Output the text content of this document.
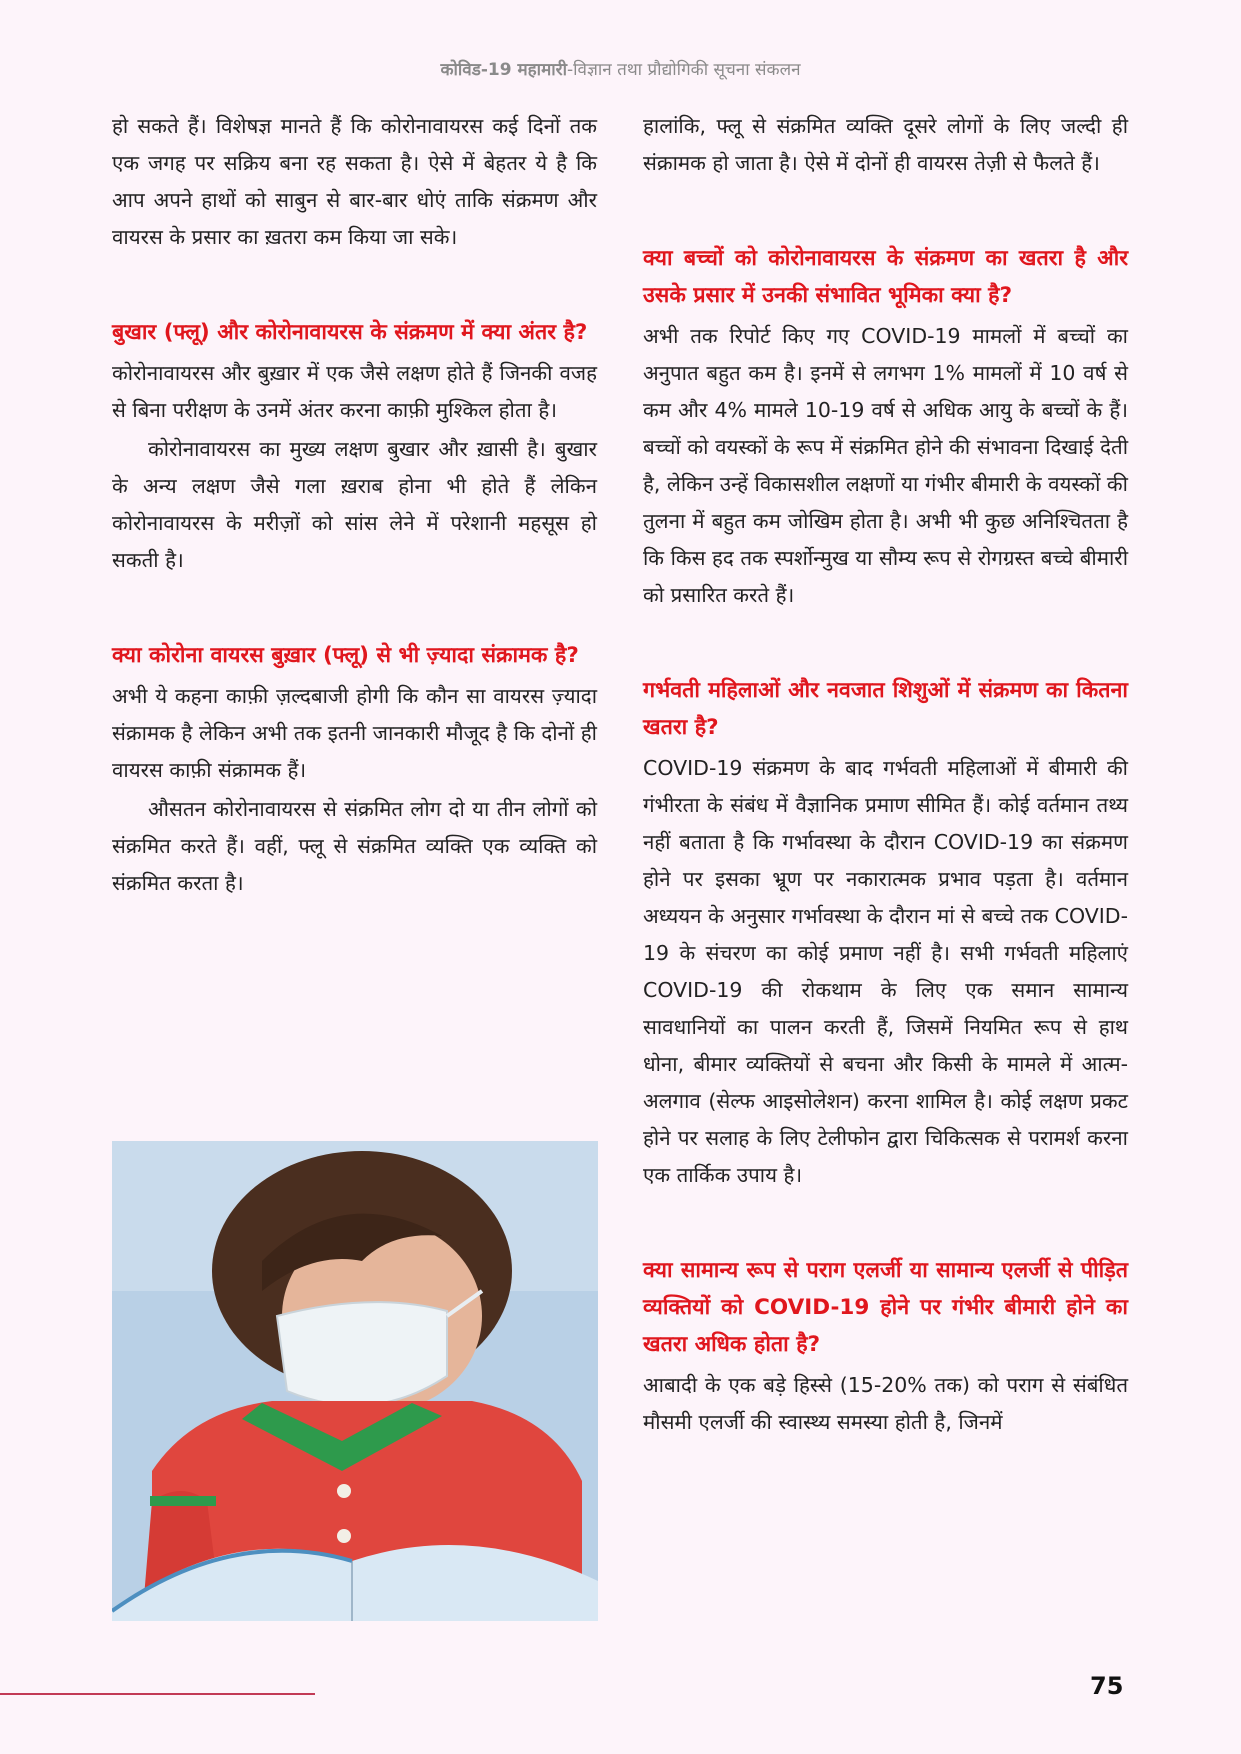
कोविड-19 महामारी-विज्ञान तथा प्रौद्योगिकी सूचना संकलन

हो सकते हैं। विशेषज्ञ मानते हैं कि कोरोनावायरस कई दिनों तक एक जगह पर सक्रिय बना रह सकता है। ऐसे में बेहतर ये है कि आप अपने हाथों को साबुन से बार-बार धोएं ताकि संक्रमण और वायरस के प्रसार का ख़तरा कम किया जा सके।

बुखार (फ्लू) और कोरोनावायरस के संक्रमण में क्या अंतर है?

कोरोनावायरस और बुख़ार में एक जैसे लक्षण होते हैं जिनकी वजह से बिना परीक्षण के उनमें अंतर करना काफ़ी मुश्किल होता है।

कोरोनावायरस का मुख्य लक्षण बुखार और ख़ासी है। बुखार के अन्य लक्षण जैसे गला ख़राब होना भी होते हैं लेकिन कोरोनावायरस के मरीज़ों को सांस लेने में परेशानी महसूस हो सकती है।

क्या कोरोना वायरस बुख़ार (फ्लू) से भी ज़्यादा संक्रामक है?

अभी ये कहना काफ़ी ज़ल्दबाजी होगी कि कौन सा वायरस ज़्यादा संक्रामक है लेकिन अभी तक इतनी जानकारी मौजूद है कि दोनों ही वायरस काफ़ी संक्रामक हैं।

औसतन कोरोनावायरस से संक्रमित लोग दो या तीन लोगों को संक्रमित करते हैं। वहीं, फ्लू से संक्रमित व्यक्ति एक व्यक्ति को संक्रमित करता है।

हालांकि, फ्लू से संक्रमित व्यक्ति दूसरे लोगों के लिए जल्दी ही संक्रामक हो जाता है। ऐसे में दोनों ही वायरस तेज़ी से फैलते हैं।

क्या बच्चों को कोरोनावायरस के संक्रमण का खतरा है और उसके प्रसार में उनकी संभावित भूमिका क्या है?

अभी तक रिपोर्ट किए गए COVID-19 मामलों में बच्चों का अनुपात बहुत कम है। इनमें से लगभग 1% मामलों में 10 वर्ष से कम और 4% मामले 10-19 वर्ष से अधिक आयु के बच्चों के हैं। बच्चों को वयस्कों के रूप में संक्रमित होने की संभावना दिखाई देती है, लेकिन उन्हें विकासशील लक्षणों या गंभीर बीमारी के वयस्कों की तुलना में बहुत कम जोखिम होता है। अभी भी कुछ अनिश्चितता है कि किस हद तक स्पर्शोन्मुख या सौम्य रूप से रोगग्रस्त बच्चे बीमारी को प्रसारित करते हैं।

गर्भवती महिलाओं और नवजात शिशुओं में संक्रमण का कितना खतरा है?

COVID-19 संक्रमण के बाद गर्भवती महिलाओं में बीमारी की गंभीरता के संबंध में वैज्ञानिक प्रमाण सीमित हैं। कोई वर्तमान तथ्य नहीं बताता है कि गर्भावस्था के दौरान COVID-19 का संक्रमण होने पर इसका भ्रूण पर नकारात्मक प्रभाव पड़ता है। वर्तमान अध्ययन के अनुसार गर्भावस्था के दौरान मां से बच्चे तक COVID-19 के संचरण का कोई प्रमाण नहीं है। सभी गर्भवती महिलाएं COVID-19 की रोकथाम के लिए एक समान सामान्य सावधानियों का पालन करती हैं, जिसमें नियमित रूप से हाथ धोना, बीमार व्यक्तियों से बचना और किसी के मामले में आत्म-अलगाव (सेल्फ आइसोलेशन) करना शामिल है। कोई लक्षण प्रकट होने पर सलाह के लिए टेलीफोन द्वारा चिकित्सक से परामर्श करना एक तार्किक उपाय है।

क्या सामान्य रूप से पराग एलर्जी या सामान्य एलर्जी से पीड़ित व्यक्तियों को COVID-19 होने पर गंभीर बीमारी होने का खतरा अधिक होता है?

आबादी के एक बड़े हिस्से (15-20% तक) को पराग से संबंधित मौसमी एलर्जी की स्वास्थ्य समस्या होती है, जिनमें

75
